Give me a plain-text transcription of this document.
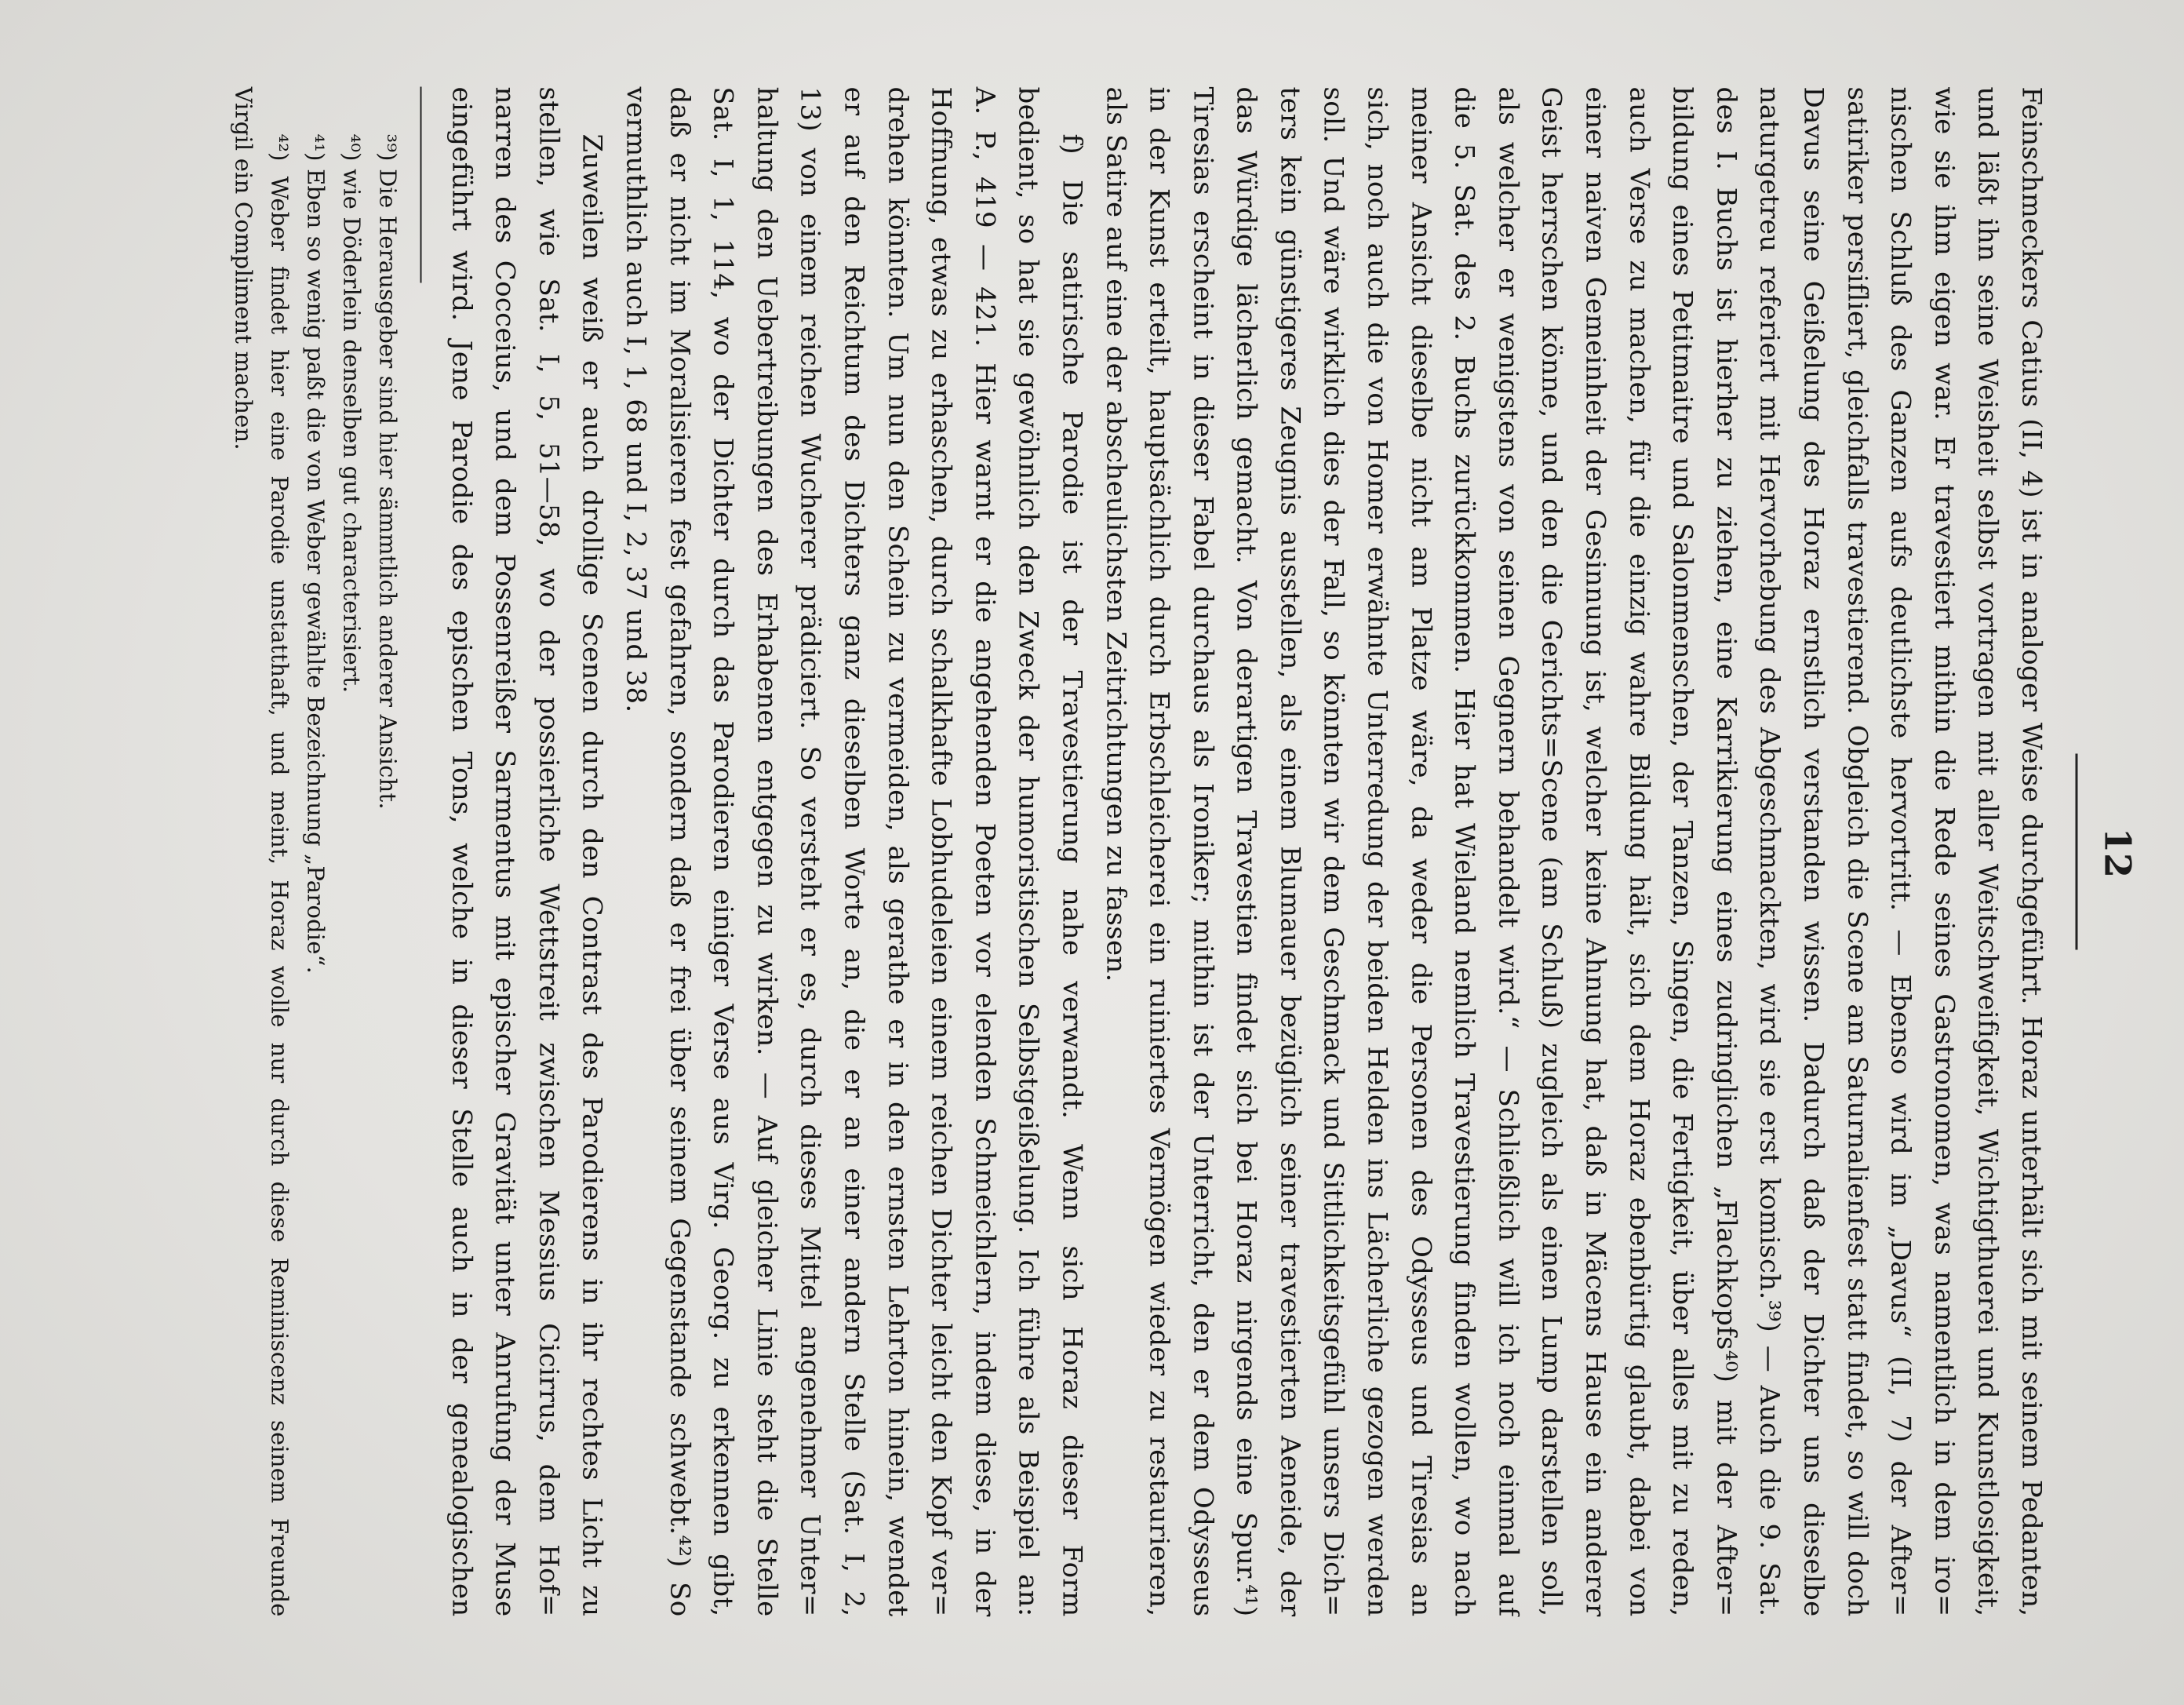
12
Feinschmeckers Catius (II, 4) ist in analoger Weise durchgeführt. Horaz unterhält sich mit seinem Pedanten,
und läßt ihn seine Weisheit selbst vortragen mit aller Weitschweifigkeit, Wichtigthuerei und Kunstlosigkeit,
wie sie ihm eigen war. Er travestiert mithin die Rede seines Gastronomen, was namentlich in dem iro=
nischen Schluß des Ganzen aufs deutlichste hervortritt. — Ebenso wird im „Davus“ (II, 7) der After=
satiriker persifliert, gleichfalls travestierend. Obgleich die Scene am Saturnalienfest statt findet, so will doch
Davus seine Geißelung des Horaz ernstlich verstanden wissen. Dadurch daß der Dichter uns dieselbe
naturgetreu referiert mit Hervorhebung des Abgeschmackten, wird sie erst komisch.³⁹) — Auch die 9. Sat.
des I. Buchs ist hierher zu ziehen, eine Karrikierung eines zudringlichen „Flachkopfs⁴⁰) mit der After=
bildung eines Petitmaitre und Salonmenschen, der Tanzen, Singen, die Fertigkeit, über alles mit zu reden,
auch Verse zu machen, für die einzig wahre Bildung hält, sich dem Horaz ebenbürtig glaubt, dabei von
einer naiven Gemeinheit der Gesinnung ist, welcher keine Ahnung hat, daß in Mäcens Hause ein anderer
Geist herrschen könne, und den die Gerichts=Scene (am Schluß) zugleich als einen Lump darstellen soll,
als welcher er wenigstens von seinen Gegnern behandelt wird.“ — Schließlich will ich noch einmal auf
die 5. Sat. des 2. Buchs zurückkommen. Hier hat Wieland nemlich Travestierung finden wollen, wo nach
meiner Ansicht dieselbe nicht am Platze wäre, da weder die Personen des Odysseus und Tiresias an
sich, noch auch die von Homer erwähnte Unterredung der beiden Helden ins Lächerliche gezogen werden
soll. Und wäre wirklich dies der Fall, so könnten wir dem Geschmack und Sittlichkeitsgefühl unsers Dich=
ters kein günstigeres Zeugnis ausstellen, als einem Blumauer bezüglich seiner travestierten Aeneide, der
das Würdige lächerlich gemacht. Von derartigen Travestien findet sich bei Horaz nirgends eine Spur.⁴¹)
Tiresias erscheint in dieser Fabel durchaus als Ironiker; mithin ist der Unterricht, den er dem Odysseus
in der Kunst erteilt, hauptsächlich durch Erbschleicherei ein ruiniertes Vermögen wieder zu restaurieren,
als Satire auf eine der abscheulichsten Zeitrichtungen zu fassen.
f) Die satirische Parodie ist der Travestierung nahe verwandt. Wenn sich Horaz dieser Form
bedient, so hat sie gewöhnlich den Zweck der humoristischen Selbstgeißelung. Ich führe als Beispiel an:
A. P., 419 — 421. Hier warnt er die angehenden Poeten vor elenden Schmeichlern, indem diese, in der
Hoffnung, etwas zu erhaschen, durch schalkhafte Lobhudeleien einem reichen Dichter leicht den Kopf ver=
drehen könnten. Um nun den Schein zu vermeiden, als gerathe er in den ernsten Lehrton hinein, wendet
er auf den Reichtum des Dichters ganz dieselben Worte an, die er an einer andern Stelle (Sat. I, 2,
13) von einem reichen Wucherer prädiciert. So versteht er es, durch dieses Mittel angenehmer Unter=
haltung den Uebertreibungen des Erhabenen entgegen zu wirken. — Auf gleicher Linie steht die Stelle
Sat. I, 1, 114, wo der Dichter durch das Parodieren einiger Verse aus Virg. Georg. zu erkennen gibt,
daß er nicht im Moralisieren fest gefahren, sondern daß er frei über seinem Gegenstande schwebt.⁴²) So
vermuthlich auch I, 1, 68 und I, 2, 37 und 38.
Zuweilen weiß er auch drollige Scenen durch den Contrast des Parodierens in ihr rechtes Licht zu
stellen, wie Sat. I, 5, 51—58, wo der possierliche Wettstreit zwischen Messius Cicirrus, dem Hof=
narren des Cocceius, und dem Possenreißer Sarmentus mit epischer Gravität unter Anrufung der Muse
eingeführt wird. Jene Parodie des epischen Tons, welche in dieser Stelle auch in der genealogischen
³⁹) Die Herausgeber sind hier sämmtlich anderer Ansicht.
⁴⁰) wie Döderlein denselben gut characterisiert.
⁴¹) Eben so wenig paßt die von Weber gewählte Bezeichnung „Parodie“.
⁴²) Weber findet hier eine Parodie unstatthaft, und meint, Horaz wolle nur durch diese Reminiscenz seinem Freunde
Virgil ein Compliment machen.
